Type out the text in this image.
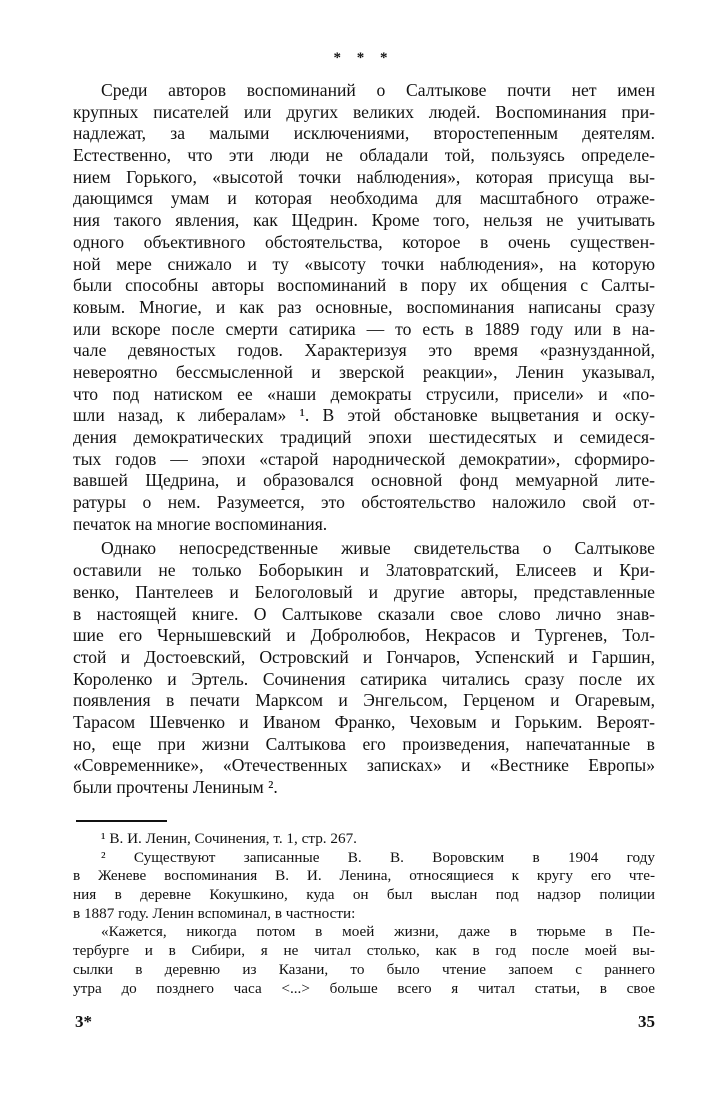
* * *
Среди авторов воспоминаний о Салтыкове почти нет имен
крупных писателей или других великих людей. Воспоминания при-
надлежат, за малыми исключениями, второстепенным деятелям.
Естественно, что эти люди не обладали той, пользуясь определе-
нием Горького, «высотой точки наблюдения», которая присуща вы-
дающимся умам и которая необходима для масштабного отраже-
ния такого явления, как Щедрин. Кроме того, нельзя не учитывать
одного объективного обстоятельства, которое в очень существен-
ной мере снижало и ту «высоту точки наблюдения», на которую
были способны авторы воспоминаний в пору их общения с Салты-
ковым. Многие, и как раз основные, воспоминания написаны сразу
или вскоре после смерти сатирика — то есть в 1889 году или в на-
чале девяностых годов. Характеризуя это время «разнузданной,
невероятно бессмысленной и зверской реакции», Ленин указывал,
что под натиском ее «наши демократы струсили, присели» и «по-
шли назад, к либералам» ¹. В этой обстановке выцветания и оску-
дения демократических традиций эпохи шестидесятых и семидеся-
тых годов — эпохи «старой народнической демократии», сформиро-
вавшей Щедрина, и образовался основной фонд мемуарной лите-
ратуры о нем. Разумеется, это обстоятельство наложило свой от-
печаток на многие воспоминания.
Однако непосредственные живые свидетельства о Салтыкове
оставили не только Боборыкин и Златовратский, Елисеев и Кри-
венко, Пантелеев и Белоголовый и другие авторы, представленные
в настоящей книге. О Салтыкове сказали свое слово лично знав-
шие его Чернышевский и Добролюбов, Некрасов и Тургенев, Тол-
стой и Достоевский, Островский и Гончаров, Успенский и Гаршин,
Короленко и Эртель. Сочинения сатирика читались сразу после их
появления в печати Марксом и Энгельсом, Герценом и Огаревым,
Тарасом Шевченко и Иваном Франко, Чеховым и Горьким. Вероят-
но, еще при жизни Салтыкова его произведения, напечатанные в
«Современнике», «Отечественных записках» и «Вестнике Европы»
были прочтены Лениным ².
¹ В. И. Ленин, Сочинения, т. 1, стр. 267.
² Существуют записанные В. В. Воровским в 1904 году
в Женеве воспоминания В. И. Ленина, относящиеся к кругу его чте-
ния в деревне Кокушкино, куда он был выслан под надзор полиции
в 1887 году. Ленин вспоминал, в частности:
«Кажется, никогда потом в моей жизни, даже в тюрьме в Пе-
тербурге и в Сибири, я не читал столько, как в год после моей вы-
сылки в деревню из Казани, то было чтение запоем с раннего
утра до позднего часа <...> больше всего я читал статьи, в свое
3*	35
